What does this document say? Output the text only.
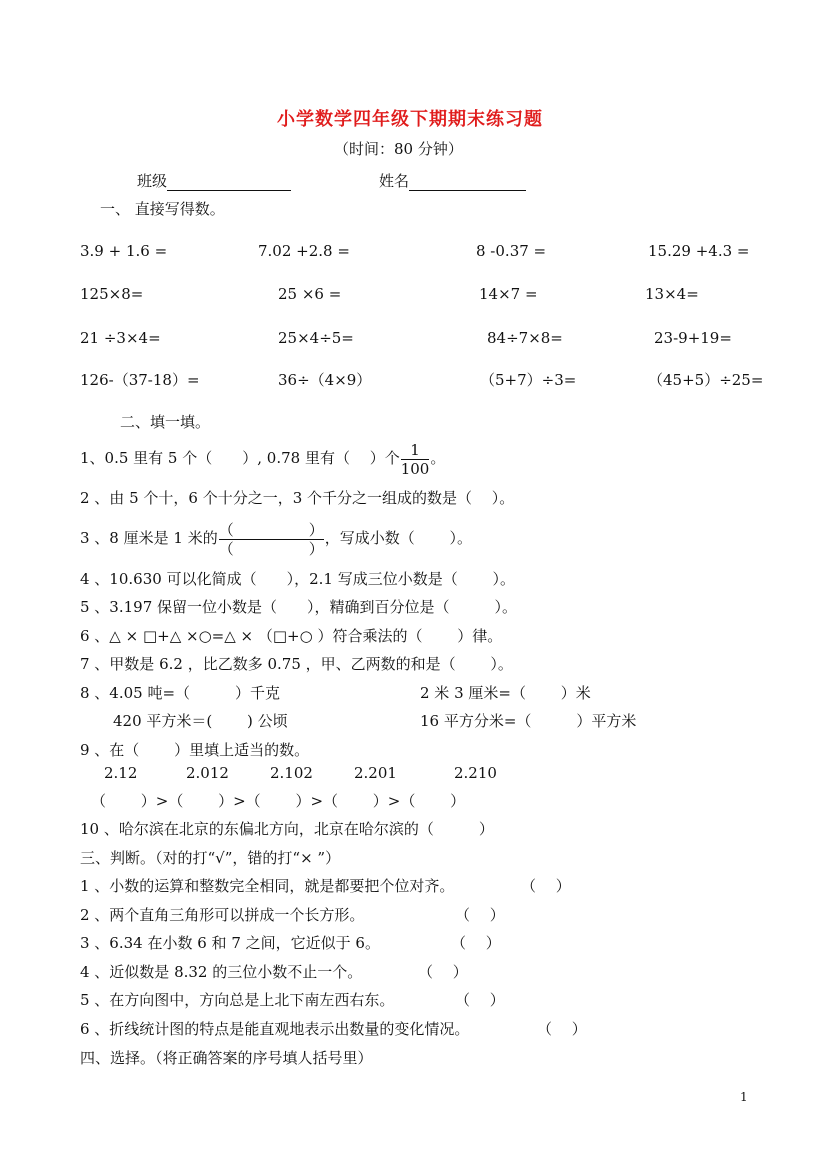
小学数学四年级下期期末练习题
（时间：80 分钟）
班级	姓名
一、 直接写得数。
3.9 + 1.6 =	7.02 +2.8 =	8 -0.37 =	15.29 +4.3 =
125×8=	25 ×6 =	14×7 =	13×4=
21 ÷3×4=	25×4÷5=	84÷7×8=	23-9+19=
126-（37-18）=	36÷（4×9）	（5+7）÷3=	（45+5）÷25=
二、填一填。
1、0.5 里有 5 个（　　）, 0.78 里有（　 ）个 $\frac{1}{100}$ 。
2 、由 5 个十，6 个十分之一，3 个千分之一组成的数是（　 ）。
3 、8 厘米是 1 米的 $\frac{( )}{( )}$ ，写成小数（　　 ）。
4 、10.630 可以化简成（　　），2.1 写成三位小数是（　　 ）。
5 、3.197 保留一位小数是（　　），精确到百分位是（　　　）。
6 、△ × □+△ ×○=△ × （□+○ ）符合乘法的（　　 ）律。
7 、甲数是 6.2 ，比乙数多 0.75 ，甲、乙两数的和是（　　 ）。
8 、4.05 吨=（　　　）千克	2 米 3 厘米=（　　 ）米
420 平方米＝(　　 ) 公顷	16 平方分米=（　　　）平方米
9 、在（　　 ）里填上适当的数。
2.12	2.012	2.102	2.201	2.210
（　　 ）>（　　 ）>（　　 ）>（　　 ）>（　　 ）
10 、哈尔滨在北京的东偏北方向，北京在哈尔滨的（　　　）
三、判断。（对的打“√”，错的打“× ”）
1 、小数的运算和整数完全相同，就是都要把个位对齐。	（　 ）
2 、两个直角三角形可以拼成一个长方形。	（　 ）
3 、6.34 在小数 6 和 7 之间，它近似于 6。	（　 ）
4 、近似数是 8.32 的三位小数不止一个。	（　 ）
5 、在方向图中，方向总是上北下南左西右东。	（　 ）
6 、折线统计图的特点是能直观地表示出数量的变化情况。	（　 ）
四、选择。（将正确答案的序号填人括号里）
1
